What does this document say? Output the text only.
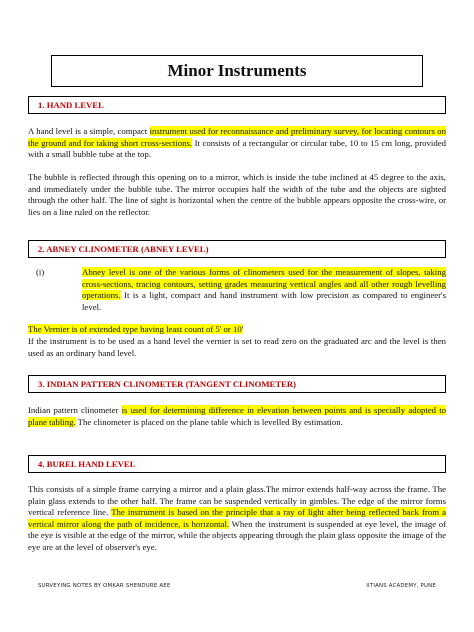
Minor Instruments
1. HAND LEVEL

A hand level is a simple, compact instrument used for reconnaissance and preliminary survey, for locating contours on the ground and for taking short cross-sections. It consists of a rectangular or circular tube, 10 to 15 cm long, provided with a small bubble tube at the top.

The bubble is reflected through this opening on to a mirror, which is inside the tube inclined at 45 degree to the axis, and immediately under the bubble tube. The mirror occupies half the width of the tube and the objects are sighted through the other half. The line of sight is horizontal when the centre of the bubble appears opposite the cross-wire, or lies on a line ruled on the reflector.

2. ABNEY CLINOMETER (ABNEY LEVEL)
(i)	Abney level is one of the various forms of clinometers used for the measurement of slopes, taking cross-sections, tracing contours, setting grades measuring vertical angles and all other rough levelling operations. It is a light, compact and hand instrument with low precision as compared to engineer's level.

The Vernier is of extended type having least count of 5' or 10'

If the instrument is to be used as a hand level the vernier is set to read zero on the graduated arc and the level is then used as an ordinary hand level.

3. INDIAN PATTERN CLINOMETER (TANGENT CLINOMETER)

Indian pattern clinometer is used for determining difference in elevation between points and is specially adopted to plane tabling. The clinometer is placed on the plane table which is levelled By estimation.

4. BUREL HAND LEVEL

This consists of a simple frame carrying a mirror and a plain glass.The mirror extends half-way across the frame. The plain glass extends to the other half. The frame can be suspended vertically in gimbles. The edge of the mirror forms vertical reference line. The instrument is based on the principle that a ray of light after being reflected back from a vertical mirror along the path of incidence, is horizontal. When the instrument is suspended at eye level, the image of the eye is visible at the edge of the mirror, while the objects appearing through the plain glass opposite the image of the eye are at the level of observer's eye.

SURVEYING NOTES BY OMKAR SHENDURE AEE	IITIANS ACADEMY, PUNE
